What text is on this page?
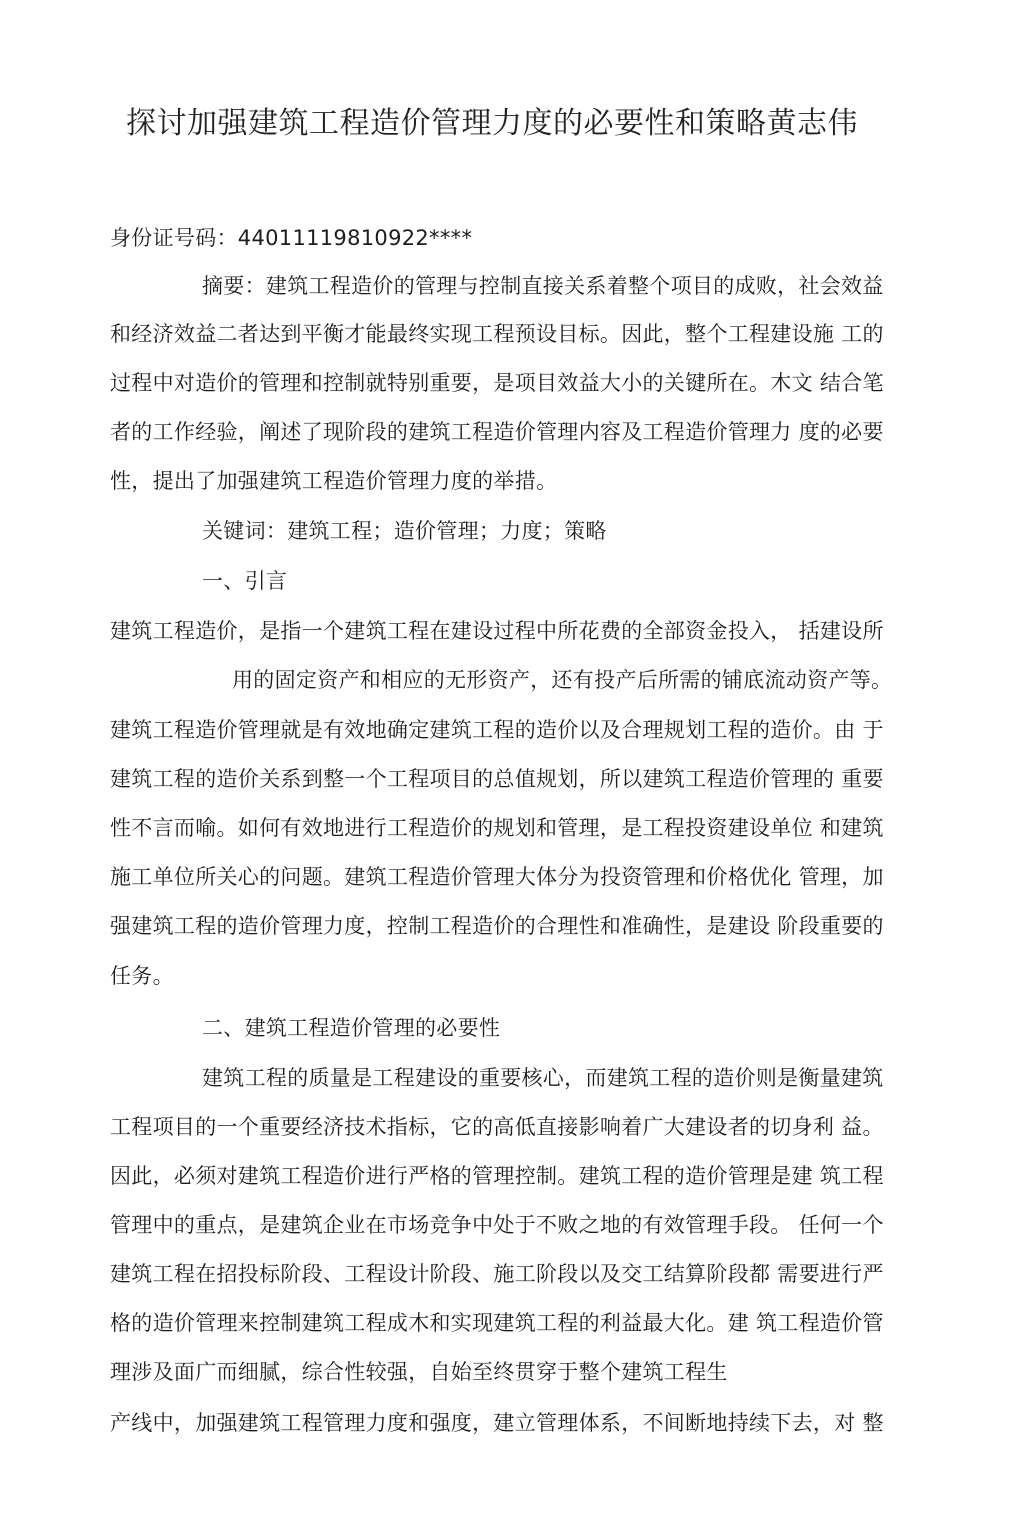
探讨加强建筑工程造价管理力度的必要性和策略黄志伟
身份证号码：44011119810922****
摘要：建筑工程造价的管理与控制直接关系着整个项目的成败，社会效益
和经济效益二者达到平衡才能最终实现工程预设目标。因此，整个工程建设施 工的
过程中对造价的管理和控制就特别重要，是项目效益大小的关键所在。木文 结合笔
者的工作经验，阐述了现阶段的建筑工程造价管理内容及工程造价管理力 度的必要
性，提出了加强建筑工程造价管理力度的举措。
关键词：建筑工程；造价管理；力度；策略
一、引言
建筑工程造价，是指一个建筑工程在建设过程中所花费的全部资金投入， 括建设所
用的固定资产和相应的无形资产，还有投产后所需的铺底流动资产等。
建筑工程造价管理就是有效地确定建筑工程的造价以及合理规划工程的造价。由 于
建筑工程的造价关系到整一个工程项目的总值规划，所以建筑工程造价管理的 重要
性不言而喻。如何有效地进行工程造价的规划和管理，是工程投资建设单位 和建筑
施工单位所关心的问题。建筑工程造价管理大体分为投资管理和价格优化 管理，加
强建筑工程的造价管理力度，控制工程造价的合理性和准确性，是建设 阶段重要的
任务。
二、建筑工程造价管理的必要性
建筑工程的质量是工程建设的重要核心，而建筑工程的造价则是衡量建筑
工程项目的一个重要经济技术指标，它的高低直接影响着广大建设者的切身利 益。
因此，必须对建筑工程造价进行严格的管理控制。建筑工程的造价管理是建 筑工程
管理中的重点，是建筑企业在市场竞争中处于不败之地的有效管理手段。 任何一个
建筑工程在招投标阶段、工程设计阶段、施工阶段以及交工结算阶段都 需要进行严
格的造价管理来控制建筑工程成木和实现建筑工程的利益最大化。建 筑工程造价管
理涉及面广而细腻，综合性较强，自始至终贯穿于整个建筑工程生
产线中，加强建筑工程管理力度和强度，建立管理体系，不间断地持续下去，对 整
